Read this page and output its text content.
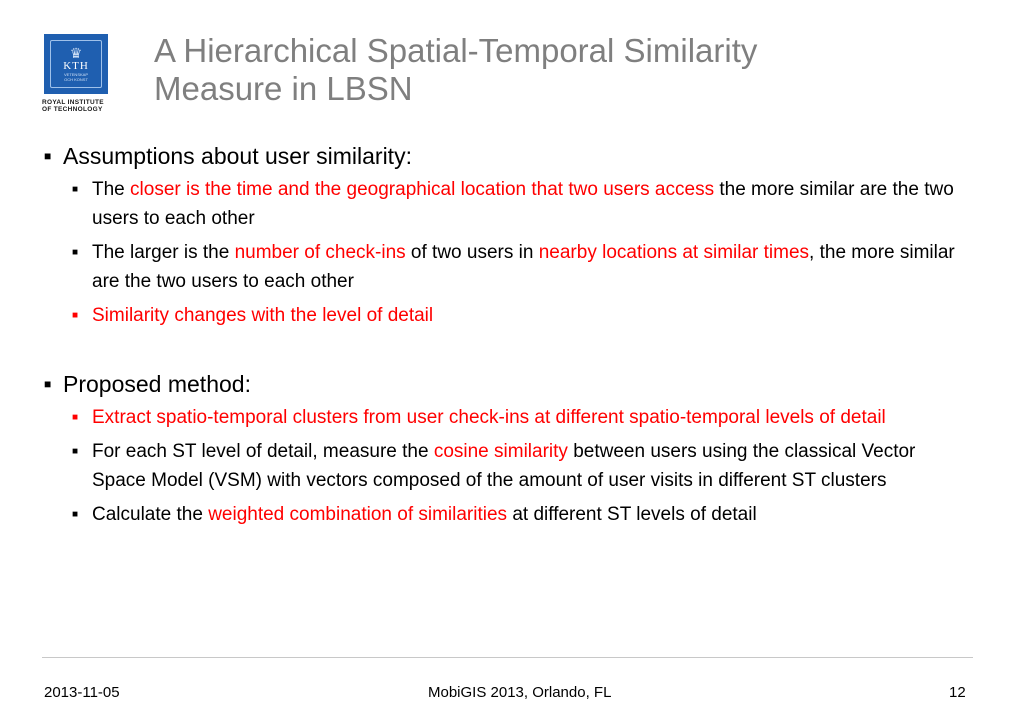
♛
KTH
VETENSKAP
OCH KONST
ROYAL INSTITUTE
OF TECHNOLOGY
A Hierarchical Spatial-Temporal Similarity
Measure in LBSN
■ Assumptions about user similarity:
■ The closer is the time and the geographical location that two users access the more similar are the two users to each other
■ The larger is the number of check-ins of two users in nearby locations at similar times, the more similar are the two users to each other
■ Similarity changes with the level of detail
■ Proposed method:
■ Extract spatio-temporal clusters from user check-ins at different spatio-temporal levels of detail
■ For each ST level of detail, measure the cosine similarity between users using the classical Vector Space Model (VSM) with vectors composed of the amount of user visits in different ST clusters
■ Calculate the weighted combination of similarities at different ST levels of detail
2013-11-05	MobiGIS 2013, Orlando, FL	12
